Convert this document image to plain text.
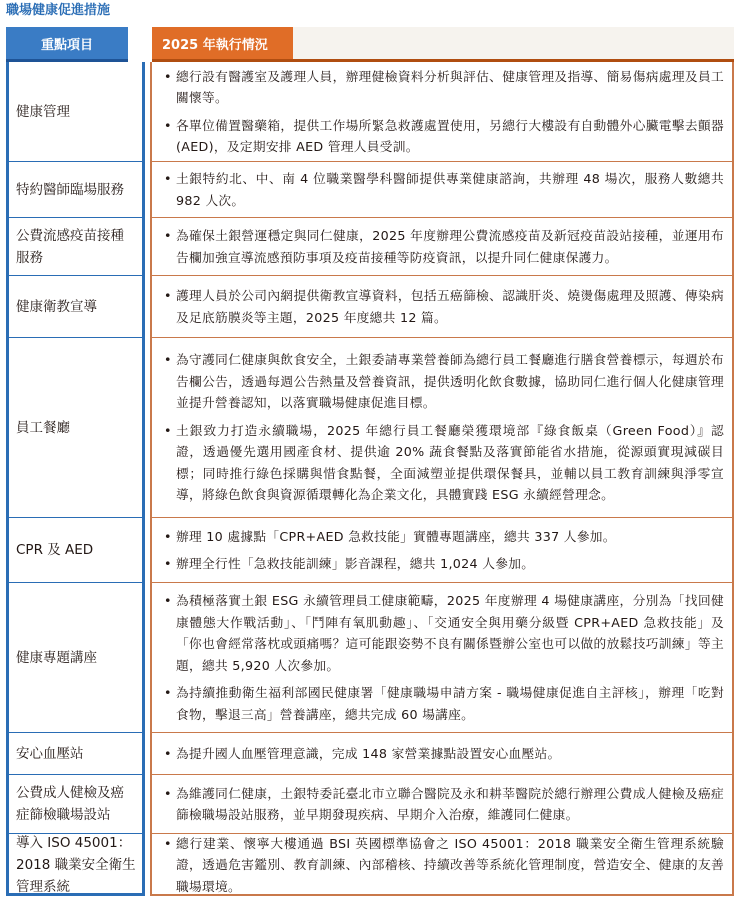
職場健康促進措施
重點項目	2025 年執行情況
健康管理
特約醫師臨場服務
公費流感疫苗接種服務
健康衛教宣導
員工餐廳
CPR 及 AED
健康專題講座
安心血壓站
公費成人健檢及癌症篩檢職場設站
導入 ISO 45001：2018 職業安全衛生管理系統
• 總行設有醫護室及護理人員，辦理健檢資料分析與評估、健康管理及指導、簡易傷病處理及員工關懷等。
• 各單位備置醫藥箱，提供工作場所緊急救護處置使用，另總行大樓設有自動體外心臟電擊去顫器 (AED)，及定期安排 AED 管理人員受訓。
• 土銀特約北、中、南 4 位職業醫學科醫師提供專業健康諮詢，共辦理 48 場次，服務人數總共 982 人次。
• 為確保土銀營運穩定與同仁健康，2025 年度辦理公費流感疫苗及新冠疫苗設站接種，並運用布告欄加強宣導流感預防事項及疫苗接種等防疫資訊，以提升同仁健康保護力。
• 護理人員於公司內網提供衛教宣導資料，包括五癌篩檢、認識肝炎、燒燙傷處理及照護、傳染病及足底筋膜炎等主題，2025 年度總共 12 篇。
• 為守護同仁健康與飲食安全，土銀委請專業營養師為總行員工餐廳進行膳食營養標示，每週於布告欄公告，透過每週公告熱量及營養資訊，提供透明化飲食數據，協助同仁進行個人化健康管理並提升營養認知，以落實職場健康促進目標。
• 土銀致力打造永續職場，2025 年總行員工餐廳榮獲環境部『綠食飯桌（Green Food）』認證，透過優先選用國產食材、提供逾 20% 蔬食餐點及落實節能省水措施，從源頭實現減碳目標；同時推行綠色採購與惜食點餐，全面減塑並提供環保餐具，並輔以員工教育訓練與淨零宣導，將綠色飲食與資源循環轉化為企業文化，具體實踐 ESG 永續經營理念。
• 辦理 10 處據點「CPR+AED 急救技能」實體專題講座，總共 337 人參加。
• 辦理全行性「急救技能訓練」影音課程，總共 1,024 人參加。
• 為積極落實土銀 ESG 永續管理員工健康範疇，2025 年度辦理 4 場健康講座，分別為「找回健康體態大作戰活動」、「鬥陣有氧肌動趣」、「交通安全與用藥分級暨 CPR+AED 急救技能」及「你也會經常落枕或頭痛嗎？這可能跟姿勢不良有關係暨辦公室也可以做的放鬆技巧訓練」等主題，總共 5,920 人次參加。
• 為持續推動衛生福利部國民健康署「健康職場申請方案 - 職場健康促進自主評核」，辦理「吃對食物，擊退三高」營養講座，總共完成 60 場講座。
• 為提升國人血壓管理意識，完成 148 家營業據點設置安心血壓站。
• 為維護同仁健康，土銀特委託臺北市立聯合醫院及永和耕莘醫院於總行辦理公費成人健檢及癌症篩檢職場設站服務，並早期發現疾病、早期介入治療，維護同仁健康。
• 總行建業、懷寧大樓通過 BSI 英國標準協會之 ISO 45001：2018 職業安全衛生管理系統驗證，透過危害鑑別、教育訓練、內部稽核、持續改善等系統化管理制度，營造安全、健康的友善職場環境。
